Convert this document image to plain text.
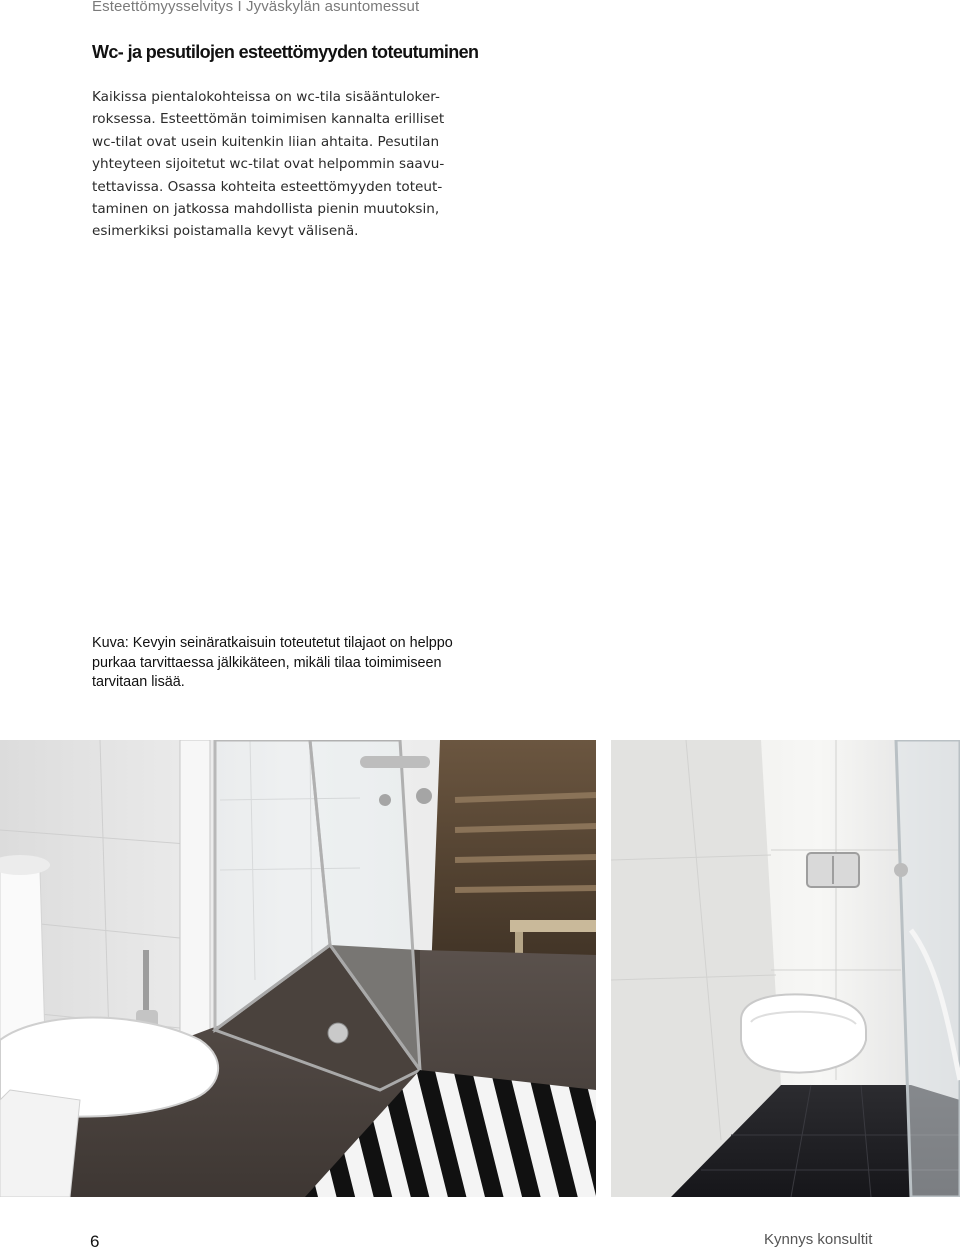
Esteettömyysselvitys I Jyväskylän asuntomessut
Wc- ja pesutilojen esteettömyyden toteutuminen
Kaikissa pientalokohteissa on wc-tila sisääntuloker-
roksessa. Esteettömän toimimisen kannalta erilliset
wc-tilat ovat usein kuitenkin liian ahtaita. Pesutilan
yhteyteen sijoitetut wc-tilat ovat helpommin saavu-
tettavissa. Osassa kohteita esteettömyyden toteut-
taminen on jatkossa mahdollista pienin muutoksin,
esimerkiksi poistamalla kevyt välisenä.
Kuva: Kevyin seinäratkaisuin toteutetut tilajaot on helppo
purkaa tarvittaessa jälkikäteen, mikäli tilaa toimimiseen
tarvitaan lisää.
6	Kynnys konsultit
